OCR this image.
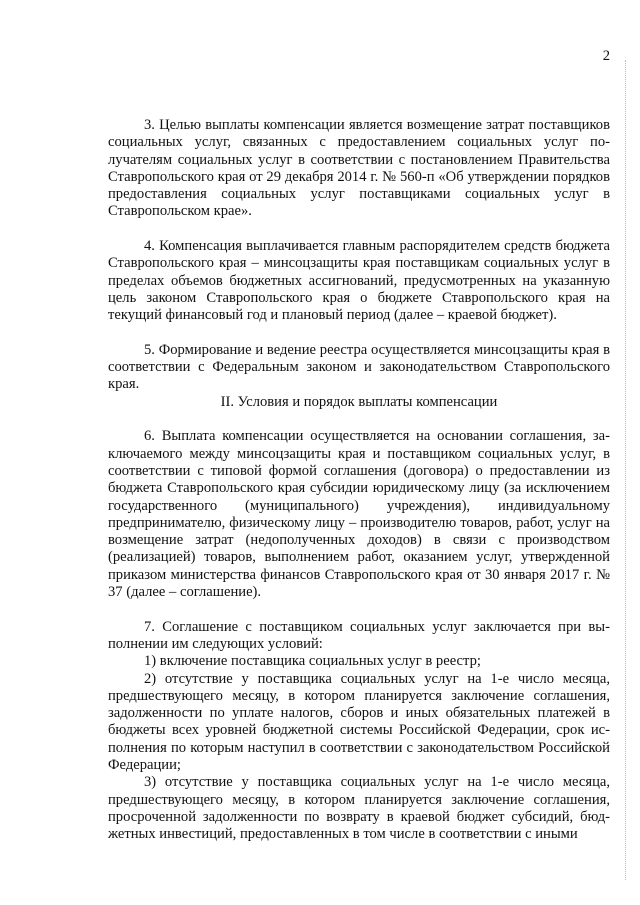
2

3. Целью выплаты компенсации является возмещение затрат поставщиков социальных услуг, связанных с предоставлением социальных услуг получателям социальных услуг в соответствии с постановлением Правительства Ставропольского края от 29 декабря 2014 г. № 560-п «Об утверждении порядков предоставления социальных услуг поставщиками социальных услуг в Ставропольском крае».

4. Компенсация выплачивается главным распорядителем средств бюджета Ставропольского края – минсоцзащиты края поставщикам социальных услуг в пределах объемов бюджетных ассигнований, предусмотренных на указанную цель законом Ставропольского края о бюджете Ставропольского края на текущий финансовый год и плановый период (далее – краевой бюджет).

5. Формирование и ведение реестра осуществляется минсоцзащиты края в соответствии с Федеральным законом и законодательством Ставропольского края.

II. Условия и порядок выплаты компенсации

6. Выплата компенсации осуществляется на основании соглашения, заключаемого между минсоцзащиты края и поставщиком социальных услуг, в соответствии с типовой формой соглашения (договора) о предоставлении из бюджета Ставропольского края субсидии юридическому лицу (за исключением государственного (муниципального) учреждения), индивидуальному предпринимателю, физическому лицу – производителю товаров, работ, услуг на возмещение затрат (недополученных доходов) в связи с производством (реализацией) товаров, выполнением работ, оказанием услуг, утвержденной приказом министерства финансов Ставропольского края от 30 января 2017 г. № 37 (далее – соглашение).

7. Соглашение с поставщиком социальных услуг заключается при выполнении им следующих условий:

1) включение поставщика социальных услуг в реестр;

2) отсутствие у поставщика социальных услуг на 1-е число месяца, предшествующего месяцу, в котором планируется заключение соглашения, задолженности по уплате налогов, сборов и иных обязательных платежей в бюджеты всех уровней бюджетной системы Российской Федерации, срок исполнения по которым наступил в соответствии с законодательством Российской Федерации;

3) отсутствие у поставщика социальных услуг на 1-е число месяца, предшествующего месяцу, в котором планируется заключение соглашения, просроченной задолженности по возврату в краевой бюджет субсидий, бюджетных инвестиций, предоставленных в том числе в соответствии с иными
